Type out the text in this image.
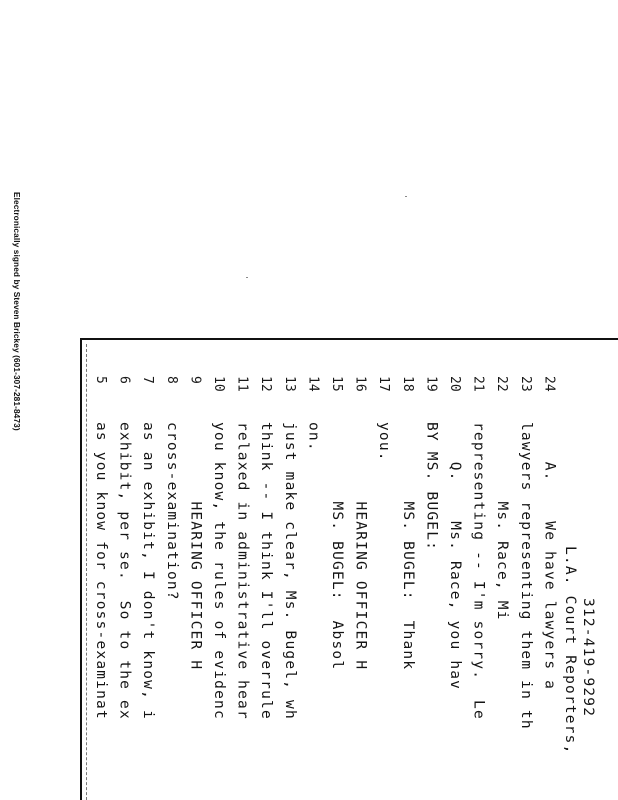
Electronically signed by Steven Brickey (601-307-281-8473)	5
as you know for cross-examinat
6
exhibit, per se.  So to the ex
7
as an exhibit, I don't know, i
8
cross-examination?
9
HEARING OFFICER H
10
you know, the rules of evidenc
11
relaxed in administrative hear
12
think -- I think I'll overrule
13
just make clear, Ms. Bugel, wh
14
on.
15
MS. BUGEL:  Absol
16
HEARING OFFICER H
17
you.
18
MS. BUGEL:  Thank
19
BY MS. BUGEL:
20
Q.    Ms. Race, you hav
21
representing -- I'm sorry.  Le
22
Ms. Race, Mi
23
lawyers representing them in th
24
A.    We have lawyers a L.A. Court Reporters, 312-419-9292
